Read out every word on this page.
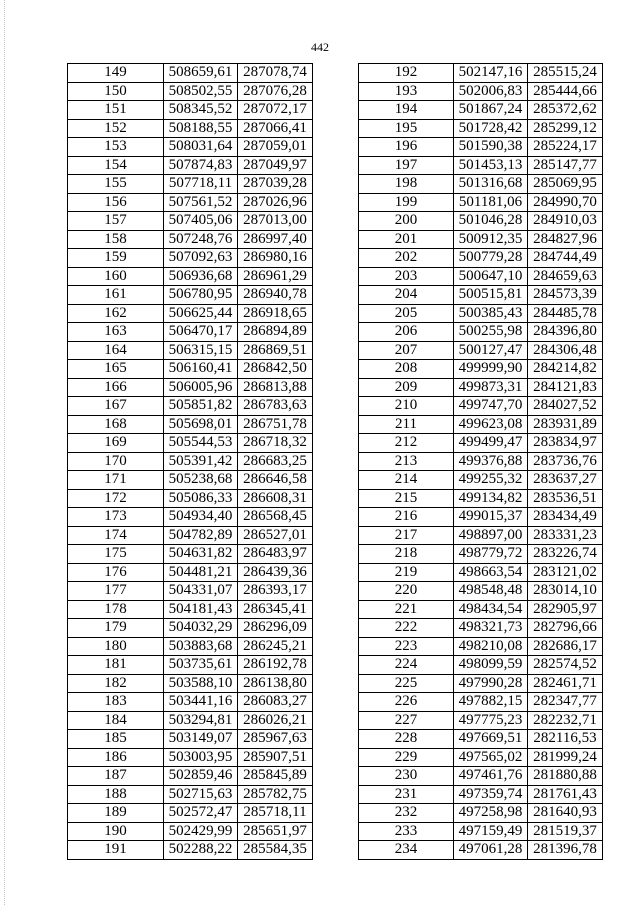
442
149	508659,61	287078,74
150	508502,55	287076,28
151	508345,52	287072,17
152	508188,55	287066,41
153	508031,64	287059,01
154	507874,83	287049,97
155	507718,11	287039,28
156	507561,52	287026,96
157	507405,06	287013,00
158	507248,76	286997,40
159	507092,63	286980,16
160	506936,68	286961,29
161	506780,95	286940,78
162	506625,44	286918,65
163	506470,17	286894,89
164	506315,15	286869,51
165	506160,41	286842,50
166	506005,96	286813,88
167	505851,82	286783,63
168	505698,01	286751,78
169	505544,53	286718,32
170	505391,42	286683,25
171	505238,68	286646,58
172	505086,33	286608,31
173	504934,40	286568,45
174	504782,89	286527,01
175	504631,82	286483,97
176	504481,21	286439,36
177	504331,07	286393,17
178	504181,43	286345,41
179	504032,29	286296,09
180	503883,68	286245,21
181	503735,61	286192,78
182	503588,10	286138,80
183	503441,16	286083,27
184	503294,81	286026,21
185	503149,07	285967,63
186	503003,95	285907,51
187	502859,46	285845,89
188	502715,63	285782,75
189	502572,47	285718,11
190	502429,99	285651,97
191	502288,22	285584,35
192	502147,16	285515,24
193	502006,83	285444,66
194	501867,24	285372,62
195	501728,42	285299,12
196	501590,38	285224,17
197	501453,13	285147,77
198	501316,68	285069,95
199	501181,06	284990,70
200	501046,28	284910,03
201	500912,35	284827,96
202	500779,28	284744,49
203	500647,10	284659,63
204	500515,81	284573,39
205	500385,43	284485,78
206	500255,98	284396,80
207	500127,47	284306,48
208	499999,90	284214,82
209	499873,31	284121,83
210	499747,70	284027,52
211	499623,08	283931,89
212	499499,47	283834,97
213	499376,88	283736,76
214	499255,32	283637,27
215	499134,82	283536,51
216	499015,37	283434,49
217	498897,00	283331,23
218	498779,72	283226,74
219	498663,54	283121,02
220	498548,48	283014,10
221	498434,54	282905,97
222	498321,73	282796,66
223	498210,08	282686,17
224	498099,59	282574,52
225	497990,28	282461,71
226	497882,15	282347,77
227	497775,23	282232,71
228	497669,51	282116,53
229	497565,02	281999,24
230	497461,76	281880,88
231	497359,74	281761,43
232	497258,98	281640,93
233	497159,49	281519,37
234	497061,28	281396,78
